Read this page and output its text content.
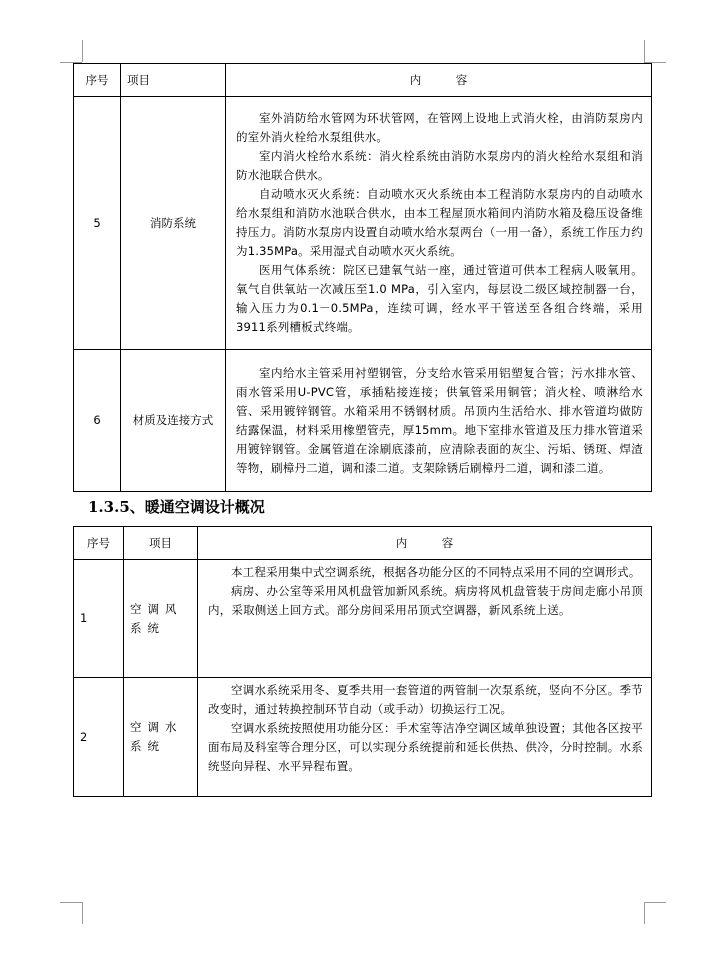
序号	项目	内　　　容
5	消防系统	室外消防给水管网为环状管网，在管网上设地上式消火栓，由消防泵房内的室外消火栓给水泵组供水。

室内消火栓给水系统：消火栓系统由消防水泵房内的消火栓给水泵组和消防水池联合供水。

自动喷水灭火系统：自动喷水灭火系统由本工程消防水泵房内的自动喷水给水泵组和消防水池联合供水，由本工程屋顶水箱间内消防水箱及稳压设备维持压力。消防水泵房内设置自动喷水给水泵两台（一用一备），系统工作压力约为1.35MPa。采用湿式自动喷水灭火系统。

医用气体系统：院区已建氧气站一座，通过管道可供本工程病人吸氧用。氧气自供氧站一次减压至1.0 MPa，引入室内，每层设二级区域控制器一台，输入压力为0.1－0.5MPa，连续可调，经水平干管送至各组合终端，采用3911系列槽板式终端。

6	材质及连接方式	室内给水主管采用衬塑钢管，分支给水管采用铝塑复合管；污水排水管、雨水管采用U-PVC管，承插粘接连接；供氧管采用铜管；消火栓、喷淋给水管、采用镀锌钢管。水箱采用不锈钢材质。吊顶内生活给水、排水管道均做防结露保温，材料采用橡塑管壳，厚15mm。地下室排水管道及压力排水管道采用镀锌钢管。金属管道在涂刷底漆前，应清除表面的灰尘、污垢、锈斑、焊渣等物，刷樟丹二道，调和漆二道。支架除锈后刷樟丹二道，调和漆二道。

1.3.5、暖通空调设计概况
序号	项目	内　　　容
1	空调风系统	本工程采用集中式空调系统，根据各功能分区的不同特点采用不同的空调形式。

病房、办公室等采用风机盘管加新风系统。病房将风机盘管装于房间走廊小吊顶内，采取侧送上回方式。部分房间采用吊顶式空调器，新风系统上送。

2	空调水系统	空调水系统采用冬、夏季共用一套管道的两管制一次泵系统，竖向不分区。季节改变时，通过转换控制环节自动（或手动）切换运行工况。

空调水系统按照使用功能分区：手术室等洁净空调区域单独设置；其他各区按平面布局及科室等合理分区，可以实现分系统提前和延长供热、供冷，分时控制。水系统竖向异程、水平异程布置。
